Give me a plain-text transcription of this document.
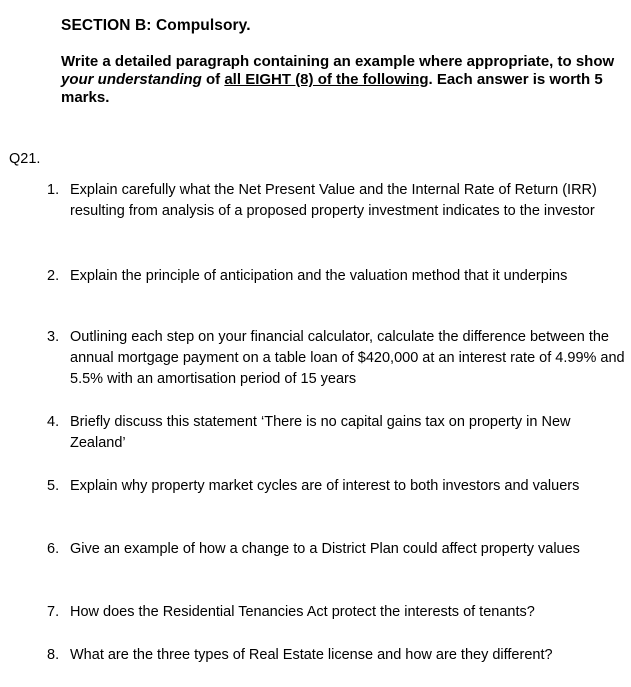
SECTION B: Compulsory.

Write a detailed paragraph containing an example where appropriate, to show your understanding of all EIGHT (8) of the following. Each answer is worth 5 marks.

Q21.

1. Explain carefully what the Net Present Value and the Internal Rate of Return (IRR) resulting from analysis of a proposed property investment indicates to the investor
2. Explain the principle of anticipation and the valuation method that it underpins
3. Outlining each step on your financial calculator, calculate the difference between the annual mortgage payment on a table loan of $420,000 at an interest rate of 4.99% and 5.5% with an amortisation period of 15 years
4. Briefly discuss this statement ‘There is no capital gains tax on property in New Zealand’
5. Explain why property market cycles are of interest to both investors and valuers
6. Give an example of how a change to a District Plan could affect property values
7. How does the Residential Tenancies Act protect the interests of tenants?
8. What are the three types of Real Estate license and how are they different?
